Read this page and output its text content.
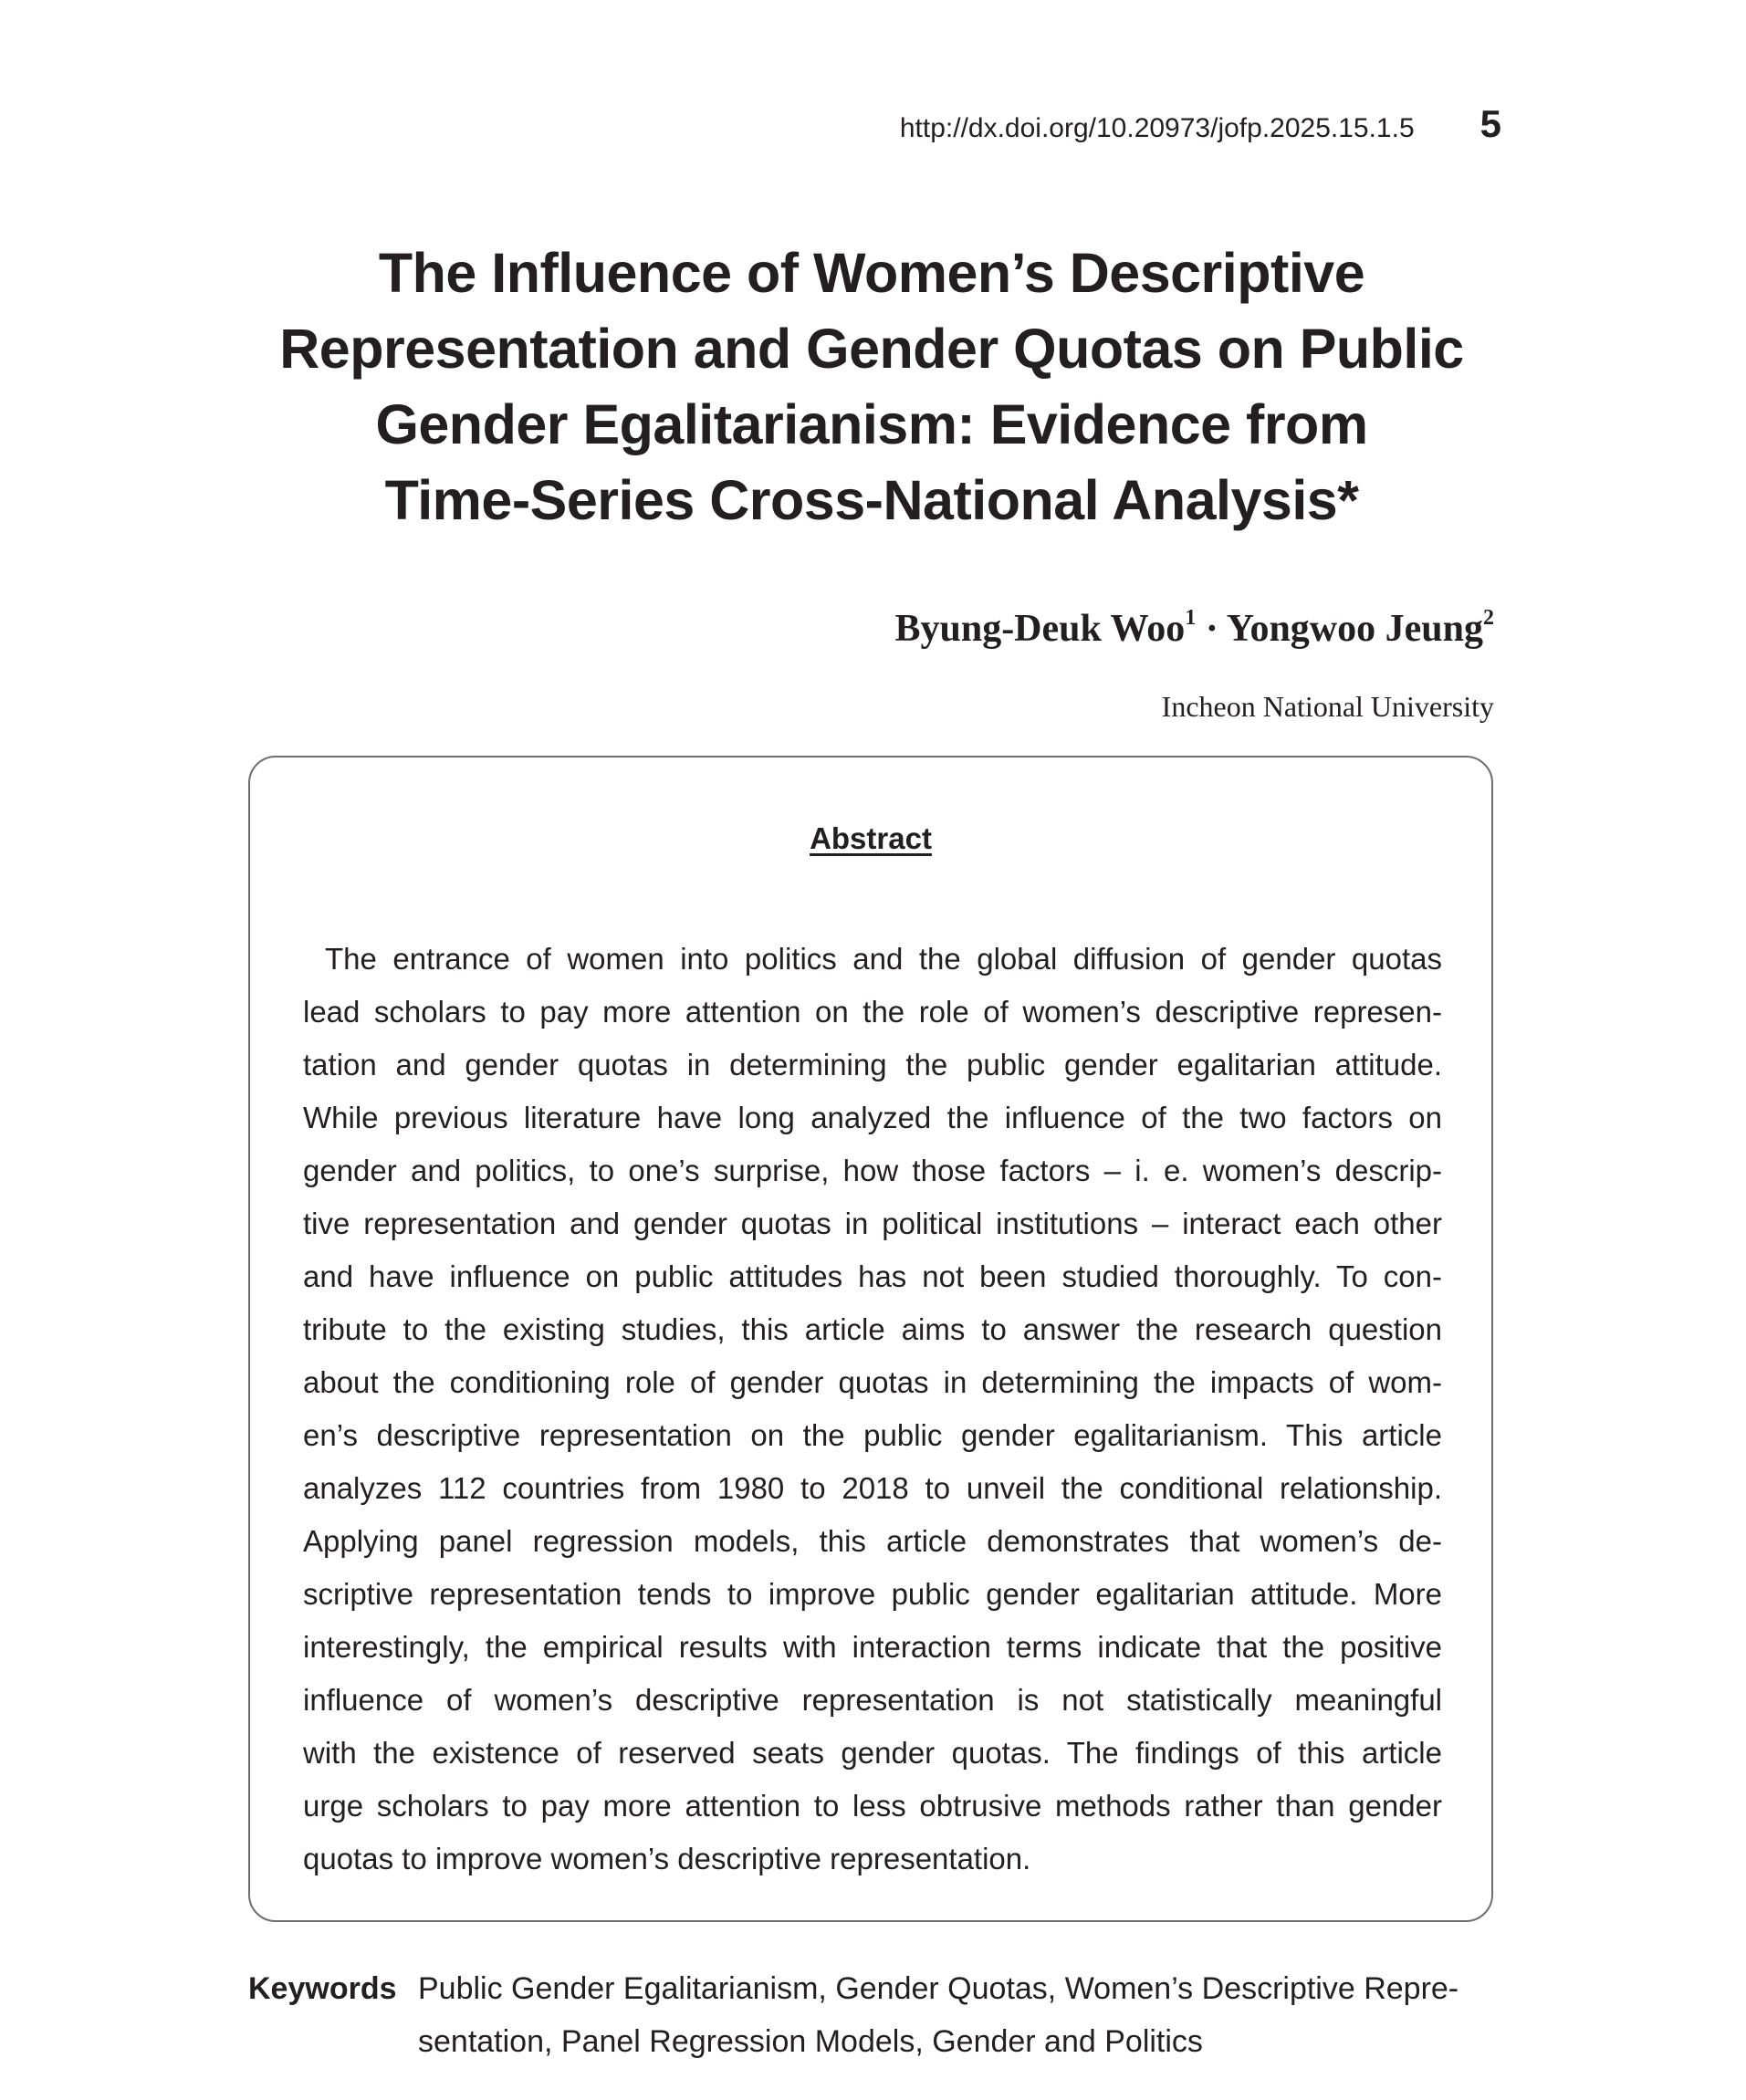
http://dx.doi.org/10.20973/jofp.2025.15.1.5 5
The Influence of Women’s Descriptive
Representation and Gender Quotas on Public
Gender Egalitarianism: Evidence from
Time-Series Cross-National Analysis*
Byung-Deuk Woo$^1$ · Yongwoo Jeung$^2$
Incheon National University
Abstract
The entrance of women into politics and the global diffusion of gender quotas
lead scholars to pay more attention on the role of women’s descriptive represen-
tation and gender quotas in determining the public gender egalitarian attitude.
While previous literature have long analyzed the influence of the two factors on
gender and politics, to one’s surprise, how those factors – i. e. women’s descrip-
tive representation and gender quotas in political institutions – interact each other
and have influence on public attitudes has not been studied thoroughly. To con-
tribute to the existing studies, this article aims to answer the research question
about the conditioning role of gender quotas in determining the impacts of wom-
en’s descriptive representation on the public gender egalitarianism. This article
analyzes 112 countries from 1980 to 2018 to unveil the conditional relationship.
Applying panel regression models, this article demonstrates that women’s de-
scriptive representation tends to improve public gender egalitarian attitude. More
interestingly, the empirical results with interaction terms indicate that the positive
influence of women’s descriptive representation is not statistically meaningful
with the existence of reserved seats gender quotas. The findings of this article
urge scholars to pay more attention to less obtrusive methods rather than gender
quotas to improve women’s descriptive representation.
Keywords Public Gender Egalitarianism, Gender Quotas, Women’s Descriptive Repre-
sentation, Panel Regression Models, Gender and Politics
